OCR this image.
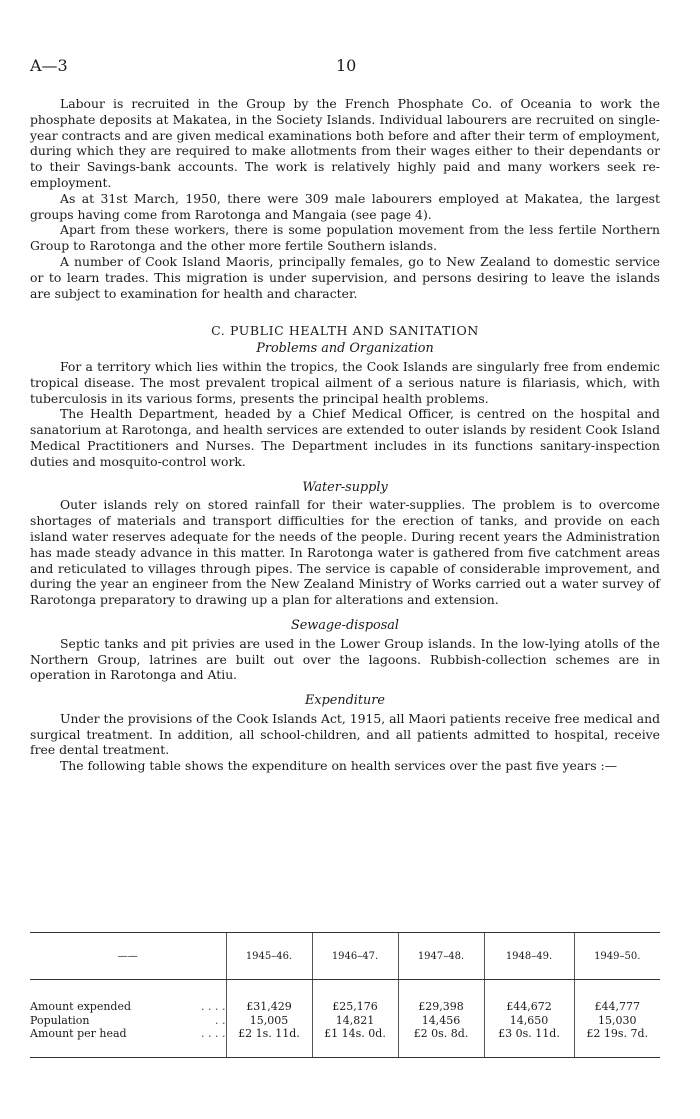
A—3	10

Labour is recruited in the Group by the French Phosphate Co. of Oceania to work the phosphate deposits at Makatea, in the Society Islands. Individual labourers are recruited on single-year contracts and are given medical examinations both before and after their term of employment, during which they are required to make allotments from their wages either to their dependants or to their Savings-bank accounts. The work is relatively highly paid and many workers seek re-employment.

As at 31st March, 1950, there were 309 male labourers employed at Makatea, the largest groups having come from Rarotonga and Mangaia (see page 4).

Apart from these workers, there is some population movement from the less fertile Northern Group to Rarotonga and the other more fertile Southern islands.

A number of Cook Island Maoris, principally females, go to New Zealand to domestic service or to learn trades. This migration is under supervision, and persons desiring to leave the islands are subject to examination for health and character.

C. PUBLIC HEALTH AND SANITATION
Problems and Organization

For a territory which lies within the tropics, the Cook Islands are singularly free from endemic tropical disease. The most prevalent tropical ailment of a serious nature is filariasis, which, with tuberculosis in its various forms, presents the principal health problems.

The Health Department, headed by a Chief Medical Officer, is centred on the hospital and sanatorium at Rarotonga, and health services are extended to outer islands by resident Cook Island Medical Practitioners and Nurses. The Department includes in its functions sanitary-inspection duties and mosquito-control work.

Water-supply

Outer islands rely on stored rainfall for their water-supplies. The problem is to overcome shortages of materials and transport difficulties for the erection of tanks, and provide on each island water reserves adequate for the needs of the people. During recent years the Administration has made steady advance in this matter. In Rarotonga water is gathered from five catchment areas and reticulated to villages through pipes. The service is capable of considerable improvement, and during the year an engineer from the New Zealand Ministry of Works carried out a water survey of Rarotonga preparatory to drawing up a plan for alterations and extension.

Sewage-disposal

Septic tanks and pit privies are used in the Lower Group islands. In the low-lying atolls of the Northern Group, latrines are built out over the lagoons. Rubbish-collection schemes are in operation in Rarotonga and Atiu.

Expenditure

Under the provisions of the Cook Islands Act, 1915, all Maori patients receive free medical and surgical treatment. In addition, all school-children, and all patients admitted to hospital, receive free dental treatment.

The following table shows the expenditure on health services over the past five years :—

——		1945–46.	1946–47.	1947–48.	1948–49.	1949–50.
Amount expended	. . . .	£31,429	£25,176	£29,398	£44,672	£44,777
Population	. .	15,005	14,821	14,456	14,650	15,030
Amount per head	. . . .	£2 1s. 11d.	£1 14s. 0d.	£2 0s. 8d.	£3 0s. 11d.	£2 19s. 7d.
